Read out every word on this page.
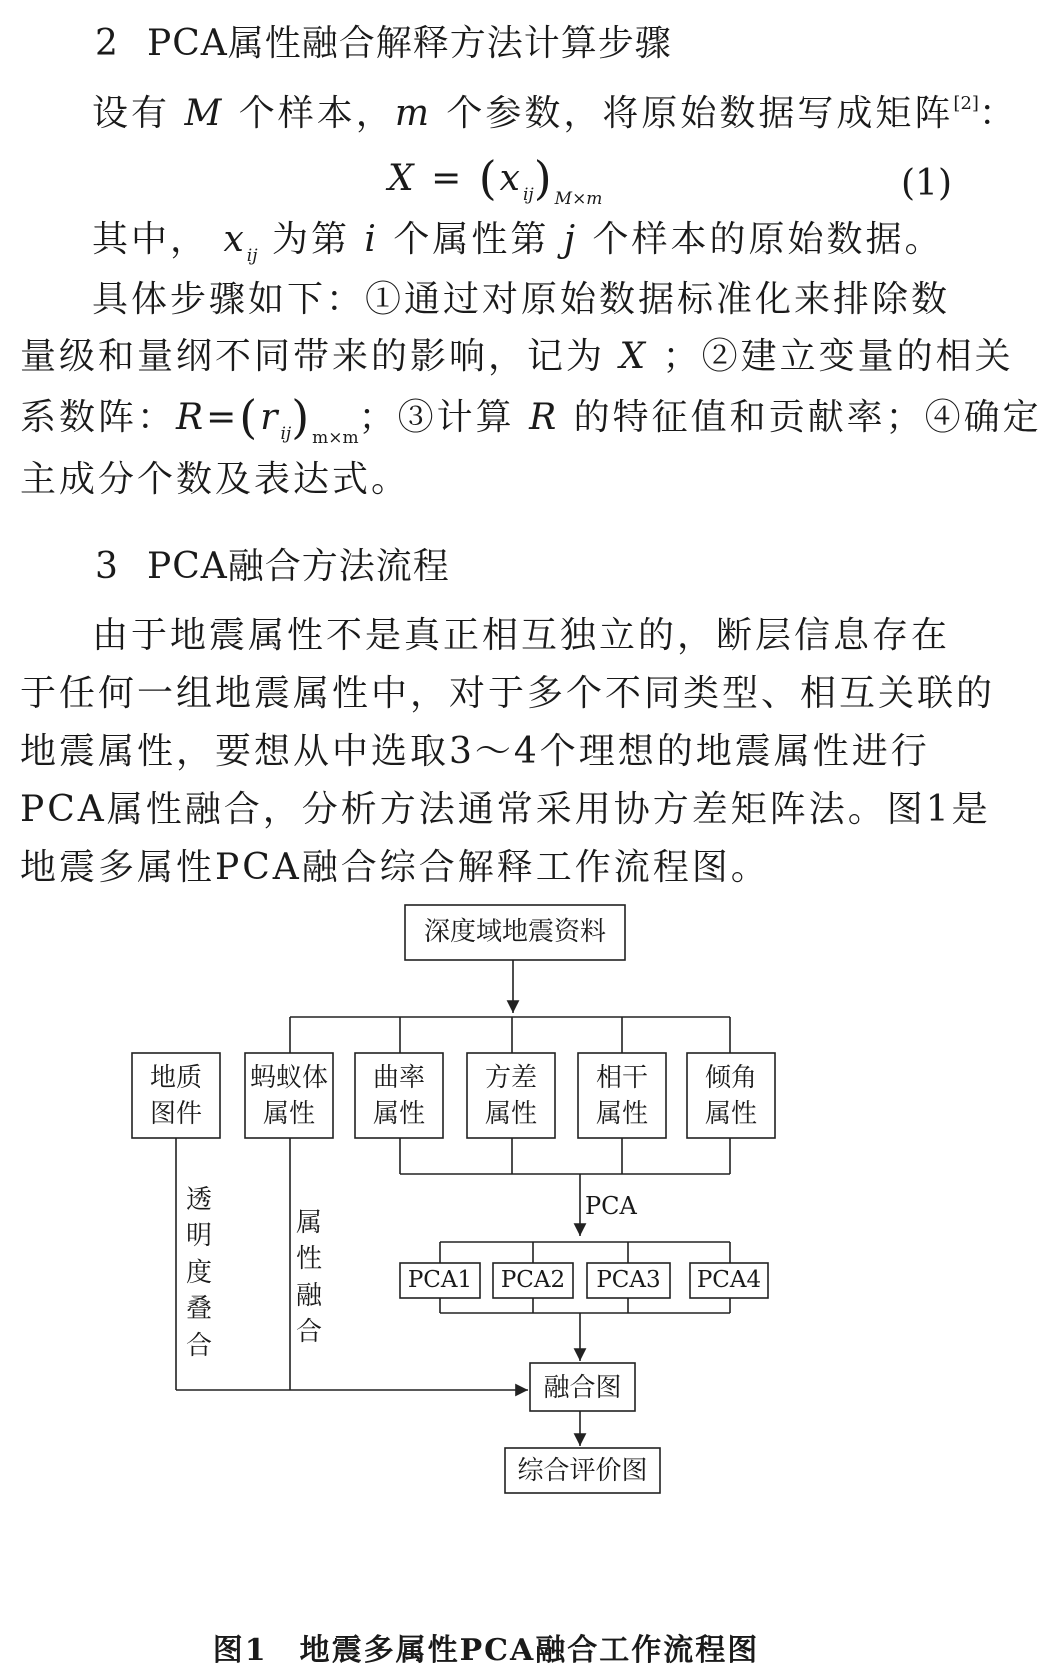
2 PCA属性融合解释方法计算步骤
设有 M 个样本，m 个参数，将原始数据写成矩阵[2]：
$X = (x_{ij})_{M\times m}$	(1)
其中， $x_{ij}$ 为第 i 个属性第 j 个样本的原始数据。
具体步骤如下：①通过对原始数据标准化来排除数
量级和量纲不同带来的影响，记为 X ；②建立变量的相关
系数阵：$R=(r_{ij})_{m\times m}$；③计算 R 的特征值和贡献率；④确定
主成分个数及表达式。
3 PCA融合方法流程
由于地震属性不是真正相互独立的，断层信息存在
于任何一组地震属性中，对于多个不同类型、相互关联的
地震属性，要想从中选取3～4个理想的地震属性进行
PCA属性融合，分析方法通常采用协方差矩阵法。图1是
地震多属性PCA融合综合解释工作流程图。
深度域地震资料
地质
图件
蚂蚁体
属性
曲率
属性
方差
属性
相干
属性
倾角
属性
透明度叠合
属性融合
PCA
PCA1	PCA2	PCA3	PCA4
融合图
综合评价图
图1　地震多属性PCA融合工作流程图
